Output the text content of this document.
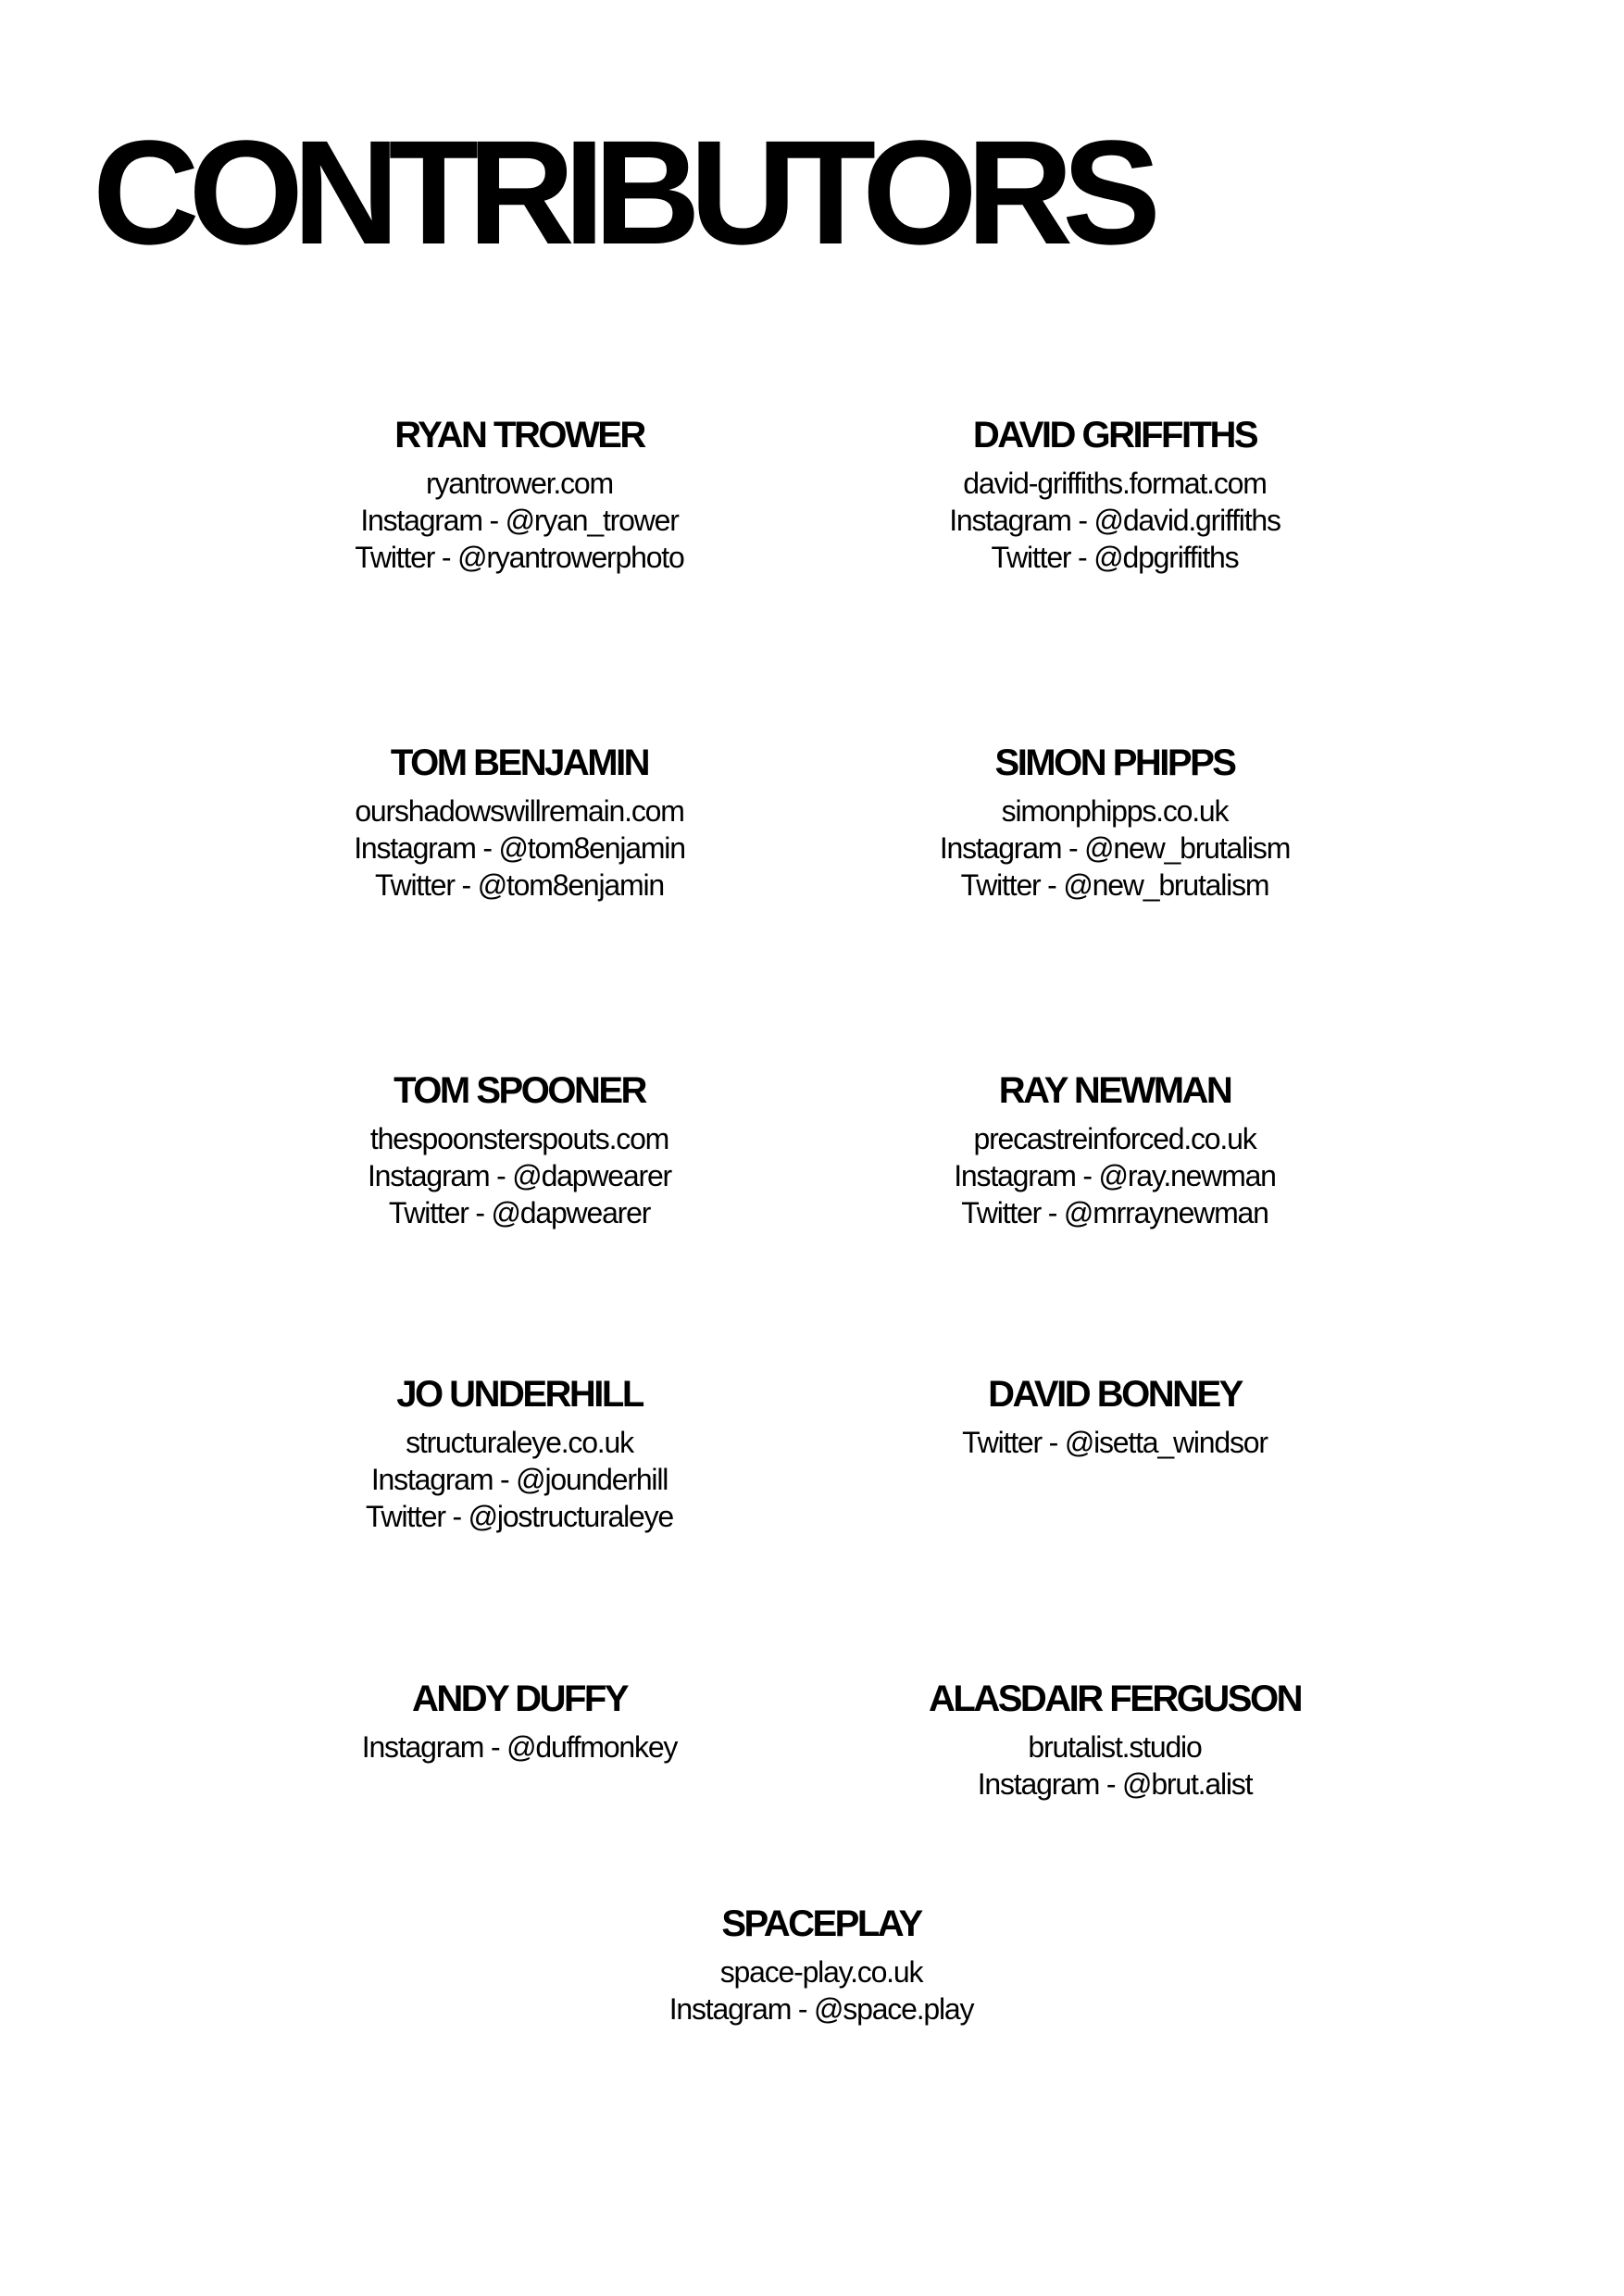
CONTRIBUTORS
RYAN TROWER
ryantrower.com
Instagram - @ryan_trower
Twitter - @ryantrowerphoto
DAVID GRIFFITHS
david-griffiths.format.com
Instagram - @david.griffiths
Twitter - @dpgriffiths
TOM BENJAMIN
ourshadowswillremain.com
Instagram - @tom8enjamin
Twitter - @tom8enjamin
SIMON PHIPPS
simonphipps.co.uk
Instagram - @new_brutalism
Twitter - @new_brutalism
TOM SPOONER
thespoonsterspouts.com
Instagram - @dapwearer
Twitter - @dapwearer
RAY NEWMAN
precastreinforced.co.uk
Instagram - @ray.newman
Twitter - @mrraynewman
JO UNDERHILL
structuraleye.co.uk
Instagram - @jounderhill
Twitter - @jostructuraleye
DAVID BONNEY
Twitter - @isetta_windsor
ANDY DUFFY
Instagram - @duffmonkey
ALASDAIR FERGUSON
brutalist.studio
Instagram - @brut.alist
SPACEPLAY
space-play.co.uk
Instagram - @space.play
